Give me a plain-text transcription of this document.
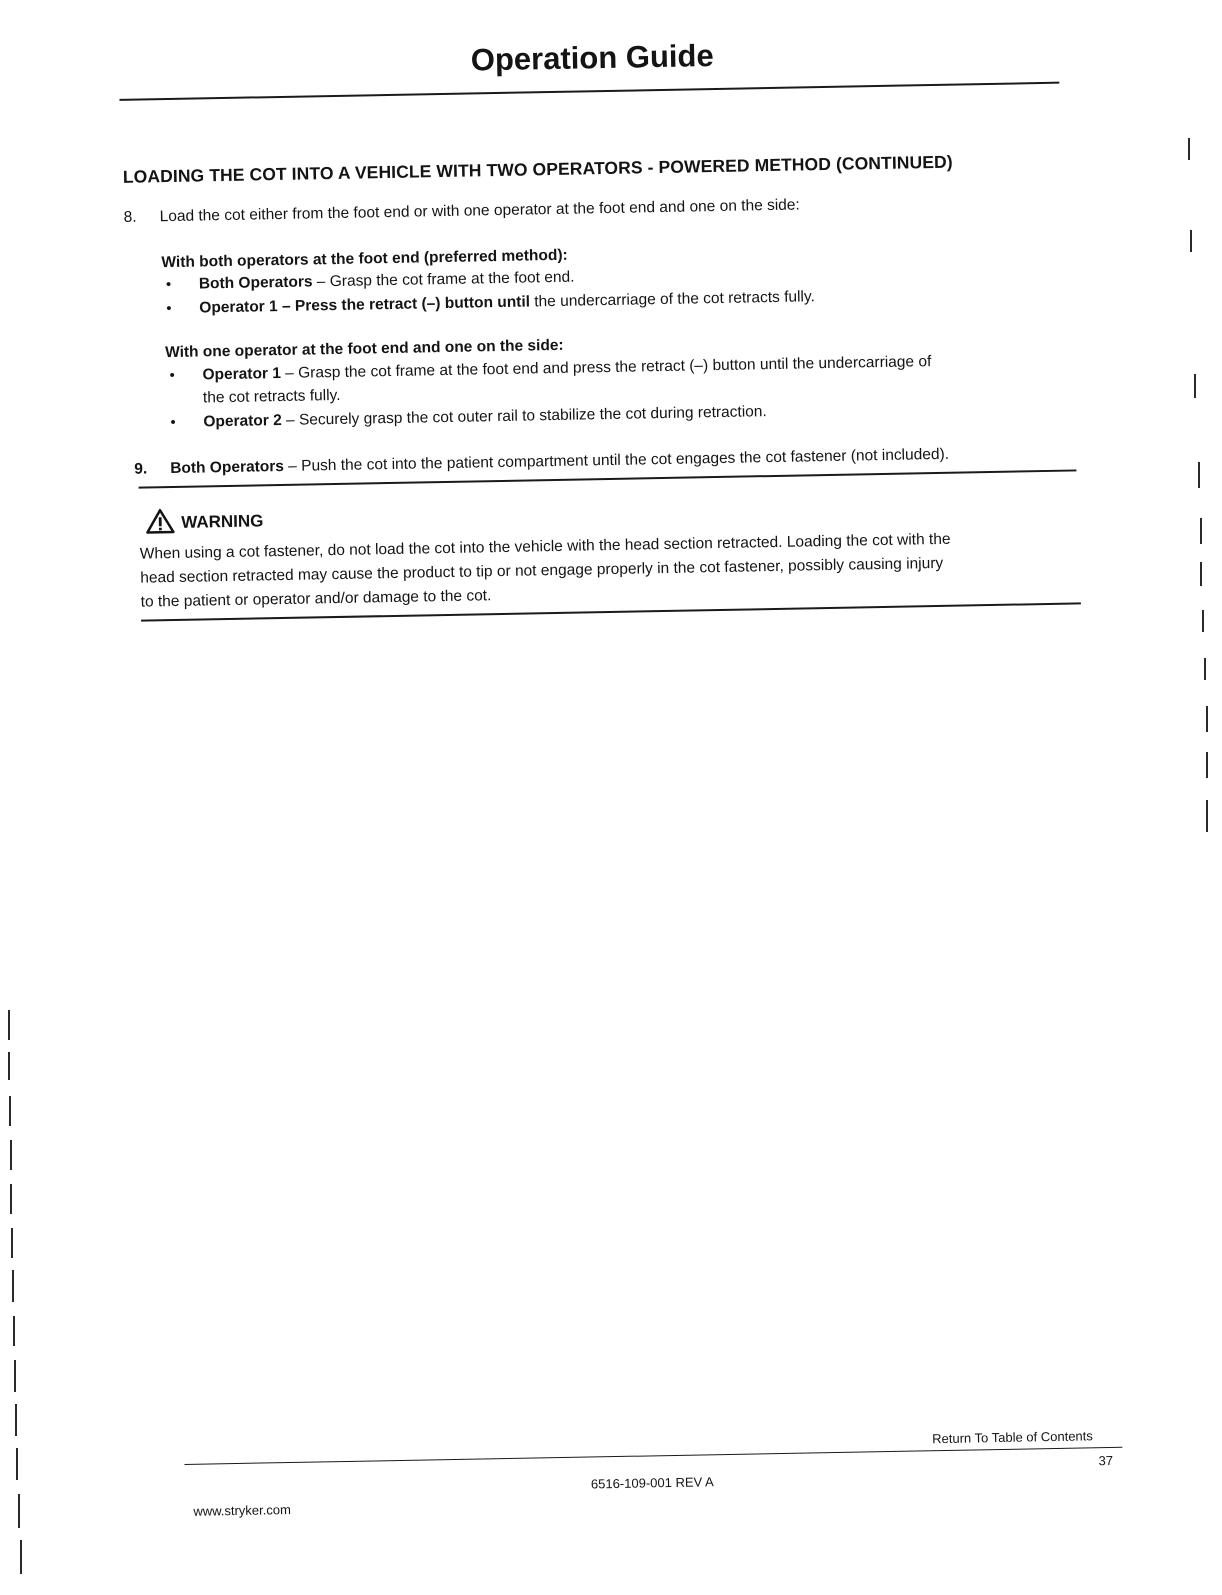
Operation Guide
LOADING THE COT INTO A VEHICLE WITH TWO OPERATORS - POWERED METHOD (CONTINUED)
8. Load the cot either from the foot end or with one operator at the foot end and one on the side:
With both operators at the foot end (preferred method):
• Both Operators – Grasp the cot frame at the foot end.
• Operator 1 – Press the retract (–) button until the undercarriage of the cot retracts fully.
With one operator at the foot end and one on the side:
• Operator 1 – Grasp the cot frame at the foot end and press the retract (–) button until the undercarriage of
the cot retracts fully.
• Operator 2 – Securely grasp the cot outer rail to stabilize the cot during retraction.
9. Both Operators – Push the cot into the patient compartment until the cot engages the cot fastener (not included).
WARNING
When using a cot fastener, do not load the cot into the vehicle with the head section retracted. Loading the cot with the
head section retracted may cause the product to tip or not engage properly in the cot fastener, possibly causing injury
to the patient or operator and/or damage to the cot.
Return To Table of Contents
37
6516-109-001 REV A
www.stryker.com
